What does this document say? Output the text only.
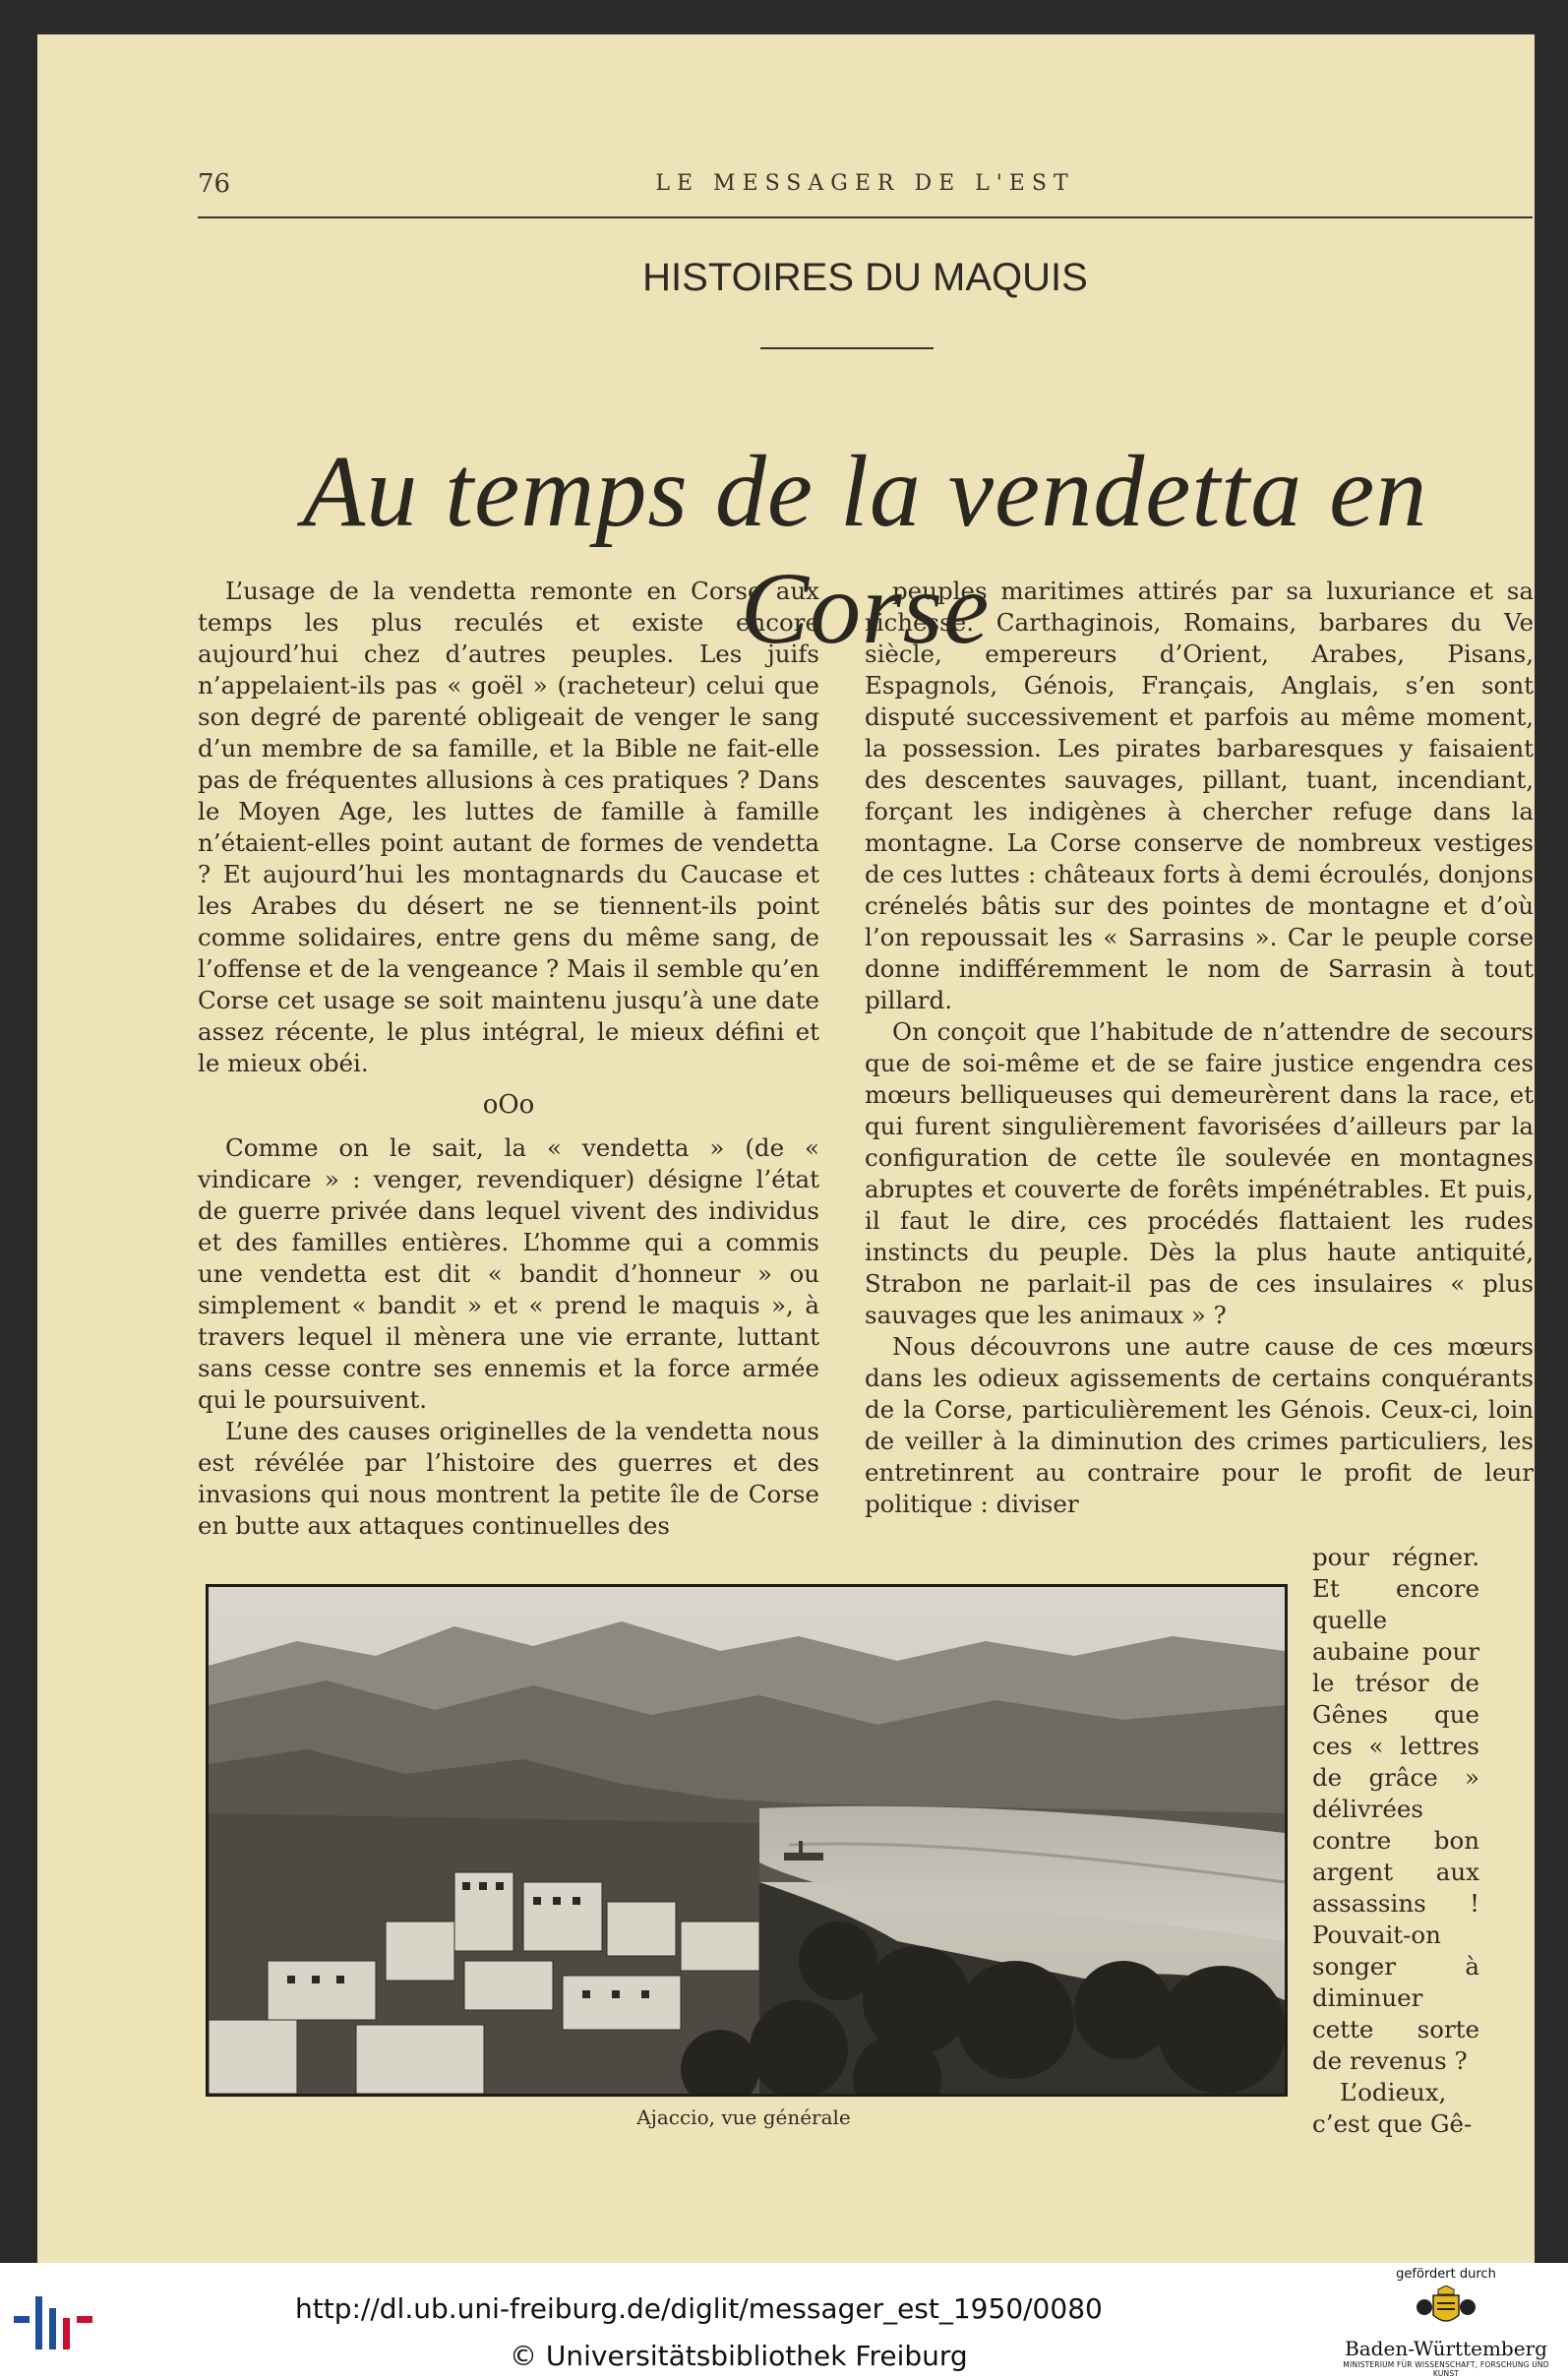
76	LE MESSAGER DE L'EST
HISTOIRES DU MAQUIS
Au temps de la vendetta en Corse

L’usage de la vendetta remonte en Corse aux temps les plus reculés et existe encore aujourd’hui chez d’autres peuples. Les juifs n’appelaient-ils pas « goël » (racheteur) celui que son degré de parenté obligeait de venger le sang d’un membre de sa famille, et la Bible ne fait-elle pas de fréquentes allusions à ces pratiques ? Dans le Moyen Age, les luttes de famille à famille n’étaient-elles point autant de formes de vendetta ? Et aujourd’hui les montagnards du Caucase et les Arabes du désert ne se tiennent-ils point comme solidaires, entre gens du même sang, de l’offense et de la vengeance ? Mais il semble qu’en Corse cet usage se soit maintenu jusqu’à une date assez récente, le plus intégral, le mieux défini et le mieux obéi.

oOo

Comme on le sait, la « vendetta » (de « vindicare » : venger, revendiquer) désigne l’état de guerre privée dans lequel vivent des individus et des familles entières. L’homme qui a commis une vendetta est dit « bandit d’honneur » ou simplement « bandit » et « prend le maquis », à travers lequel il mènera une vie errante, luttant sans cesse contre ses ennemis et la force armée qui le poursuivent.

L’une des causes originelles de la vendetta nous est révélée par l’histoire des guerres et des invasions qui nous montrent la petite île de Corse en butte aux attaques continuelles des

peuples maritimes attirés par sa luxuriance et sa richesse. Carthaginois, Romains, barbares du Ve siècle, empereurs d’Orient, Arabes, Pisans, Espagnols, Génois, Français, Anglais, s’en sont disputé successivement et parfois au même moment, la possession. Les pirates barbaresques y faisaient des descentes sauvages, pillant, tuant, incendiant, forçant les indigènes à chercher refuge dans la montagne. La Corse conserve de nombreux vestiges de ces luttes : châteaux forts à demi écroulés, donjons crénelés bâtis sur des pointes de montagne et d’où l’on repoussait les « Sarrasins ». Car le peuple corse donne indifféremment le nom de Sarrasin à tout pillard.

On conçoit que l’habitude de n’attendre de secours que de soi-même et de se faire justice engendra ces mœurs belliqueuses qui demeurèrent dans la race, et qui furent singulièrement favorisées d’ailleurs par la configuration de cette île soulevée en montagnes abruptes et couverte de forêts impénétrables. Et puis, il faut le dire, ces procédés flattaient les rudes instincts du peuple. Dès la plus haute antiquité, Strabon ne parlait-il pas de ces insulaires « plus sauvages que les animaux » ?

Nous découvrons une autre cause de ces mœurs dans les odieux agissements de certains conquérants de la Corse, particulièrement les Génois. Ceux-ci, loin de veiller à la diminution des crimes particuliers, les entretinrent au contraire pour le profit de leur politique : diviser

pour régner. Et encore quelle aubaine pour le trésor de Gênes que ces « lettres de grâce » délivrées contre bon argent aux assassins ! Pouvait-on songer à diminuer cette sorte de revenus ?

L’odieux, c’est que Gê-

Ajaccio, vue générale
http://dl.ub.uni-freiburg.de/diglit/messager_est_1950/0080
© Universitätsbibliothek Freiburg
gefördert durch
Baden-Württemberg
MINISTERIUM FÜR WISSENSCHAFT, FORSCHUNG UND KUNST
